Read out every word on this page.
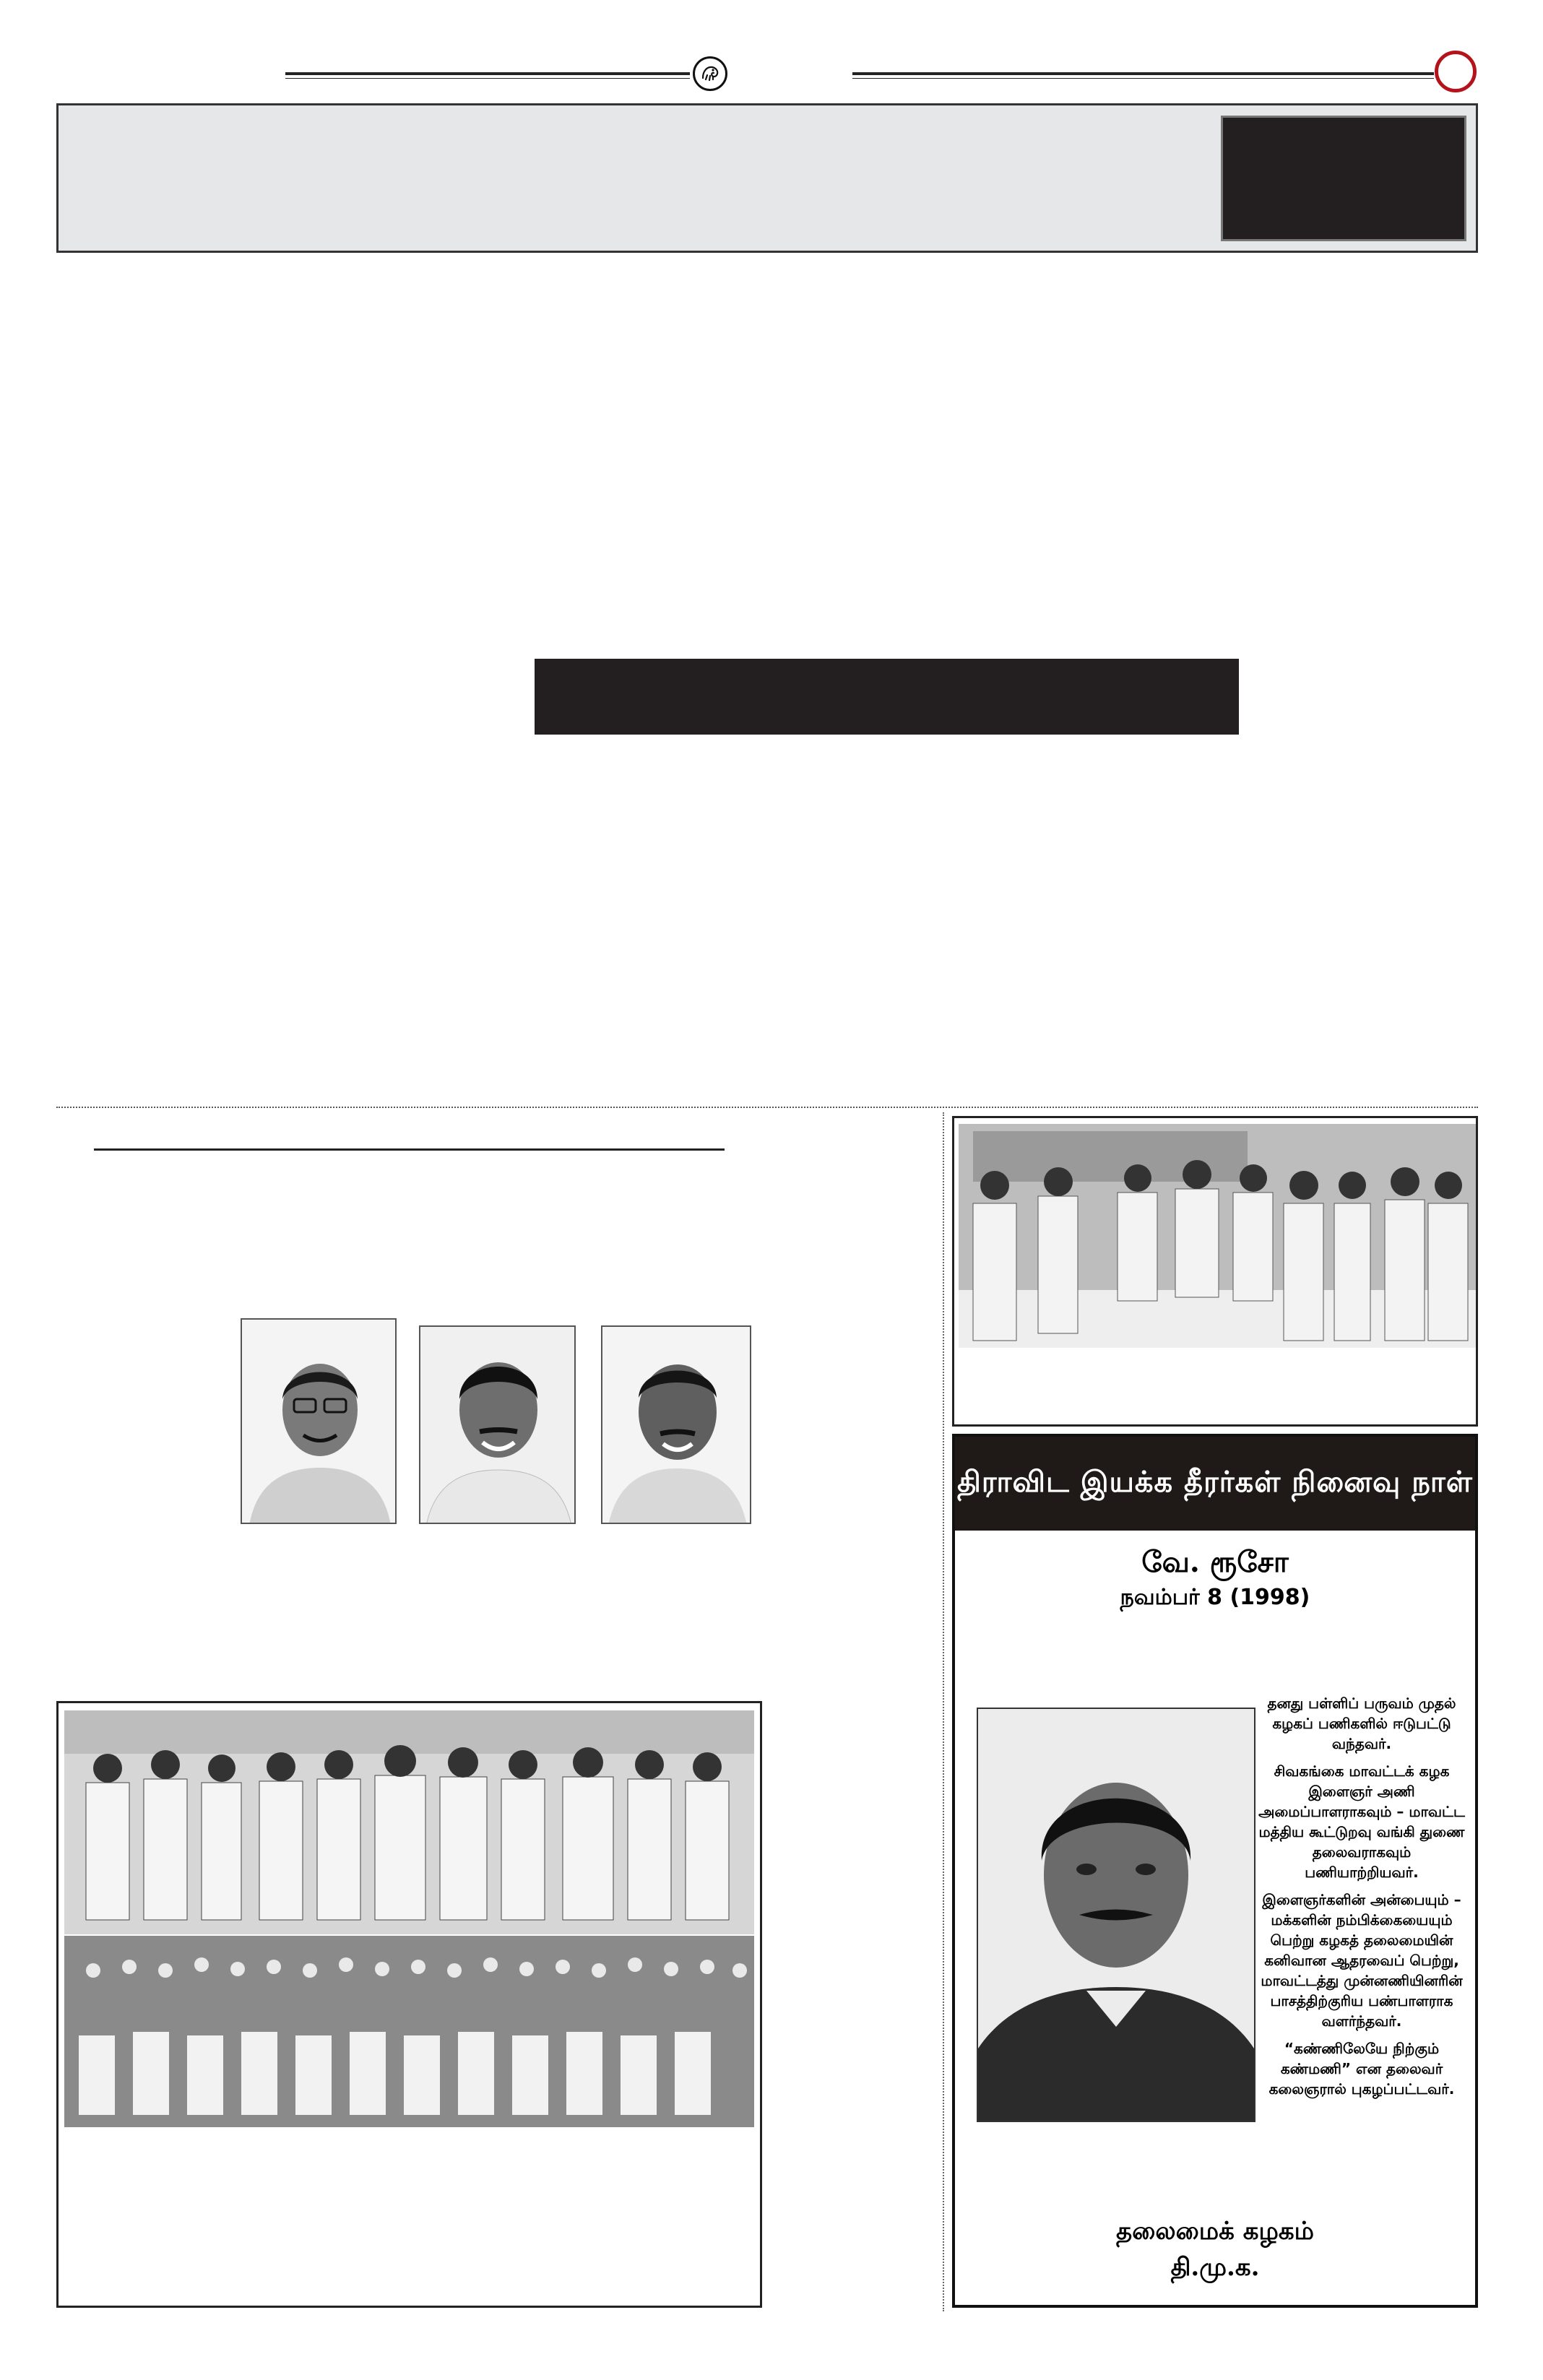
திராவிட இயக்க தீரர்கள் நினைவு நாள்
வே. ரூசோ
நவம்பர் 8 (1998)

தனது பள்ளிப் பருவம் முதல் கழகப் பணிகளில் ஈடுபட்டு வந்தவர்.

சிவகங்கை மாவட்டக் கழக இளைஞர் அணி அமைப்பாளராகவும் – மாவட்ட மத்திய கூட்டுறவு வங்கி துணை தலைவராகவும் பணியாற்றியவர்.

இளைஞர்களின் அன்பையும் – மக்களின் நம்பிக்கையையும் பெற்று கழகத் தலைமையின் கனிவான ஆதரவைப் பெற்று, மாவட்டத்து முன்னணியினரின் பாசத்திற்குரிய பண்பாளராக வளர்ந்தவர்.

“கண்ணிலேயே நிற்கும் கண்மணி” என தலைவர் கலைஞரால் புகழப்பட்டவர்.

தலைமைக் கழகம்
தி.மு.க.
